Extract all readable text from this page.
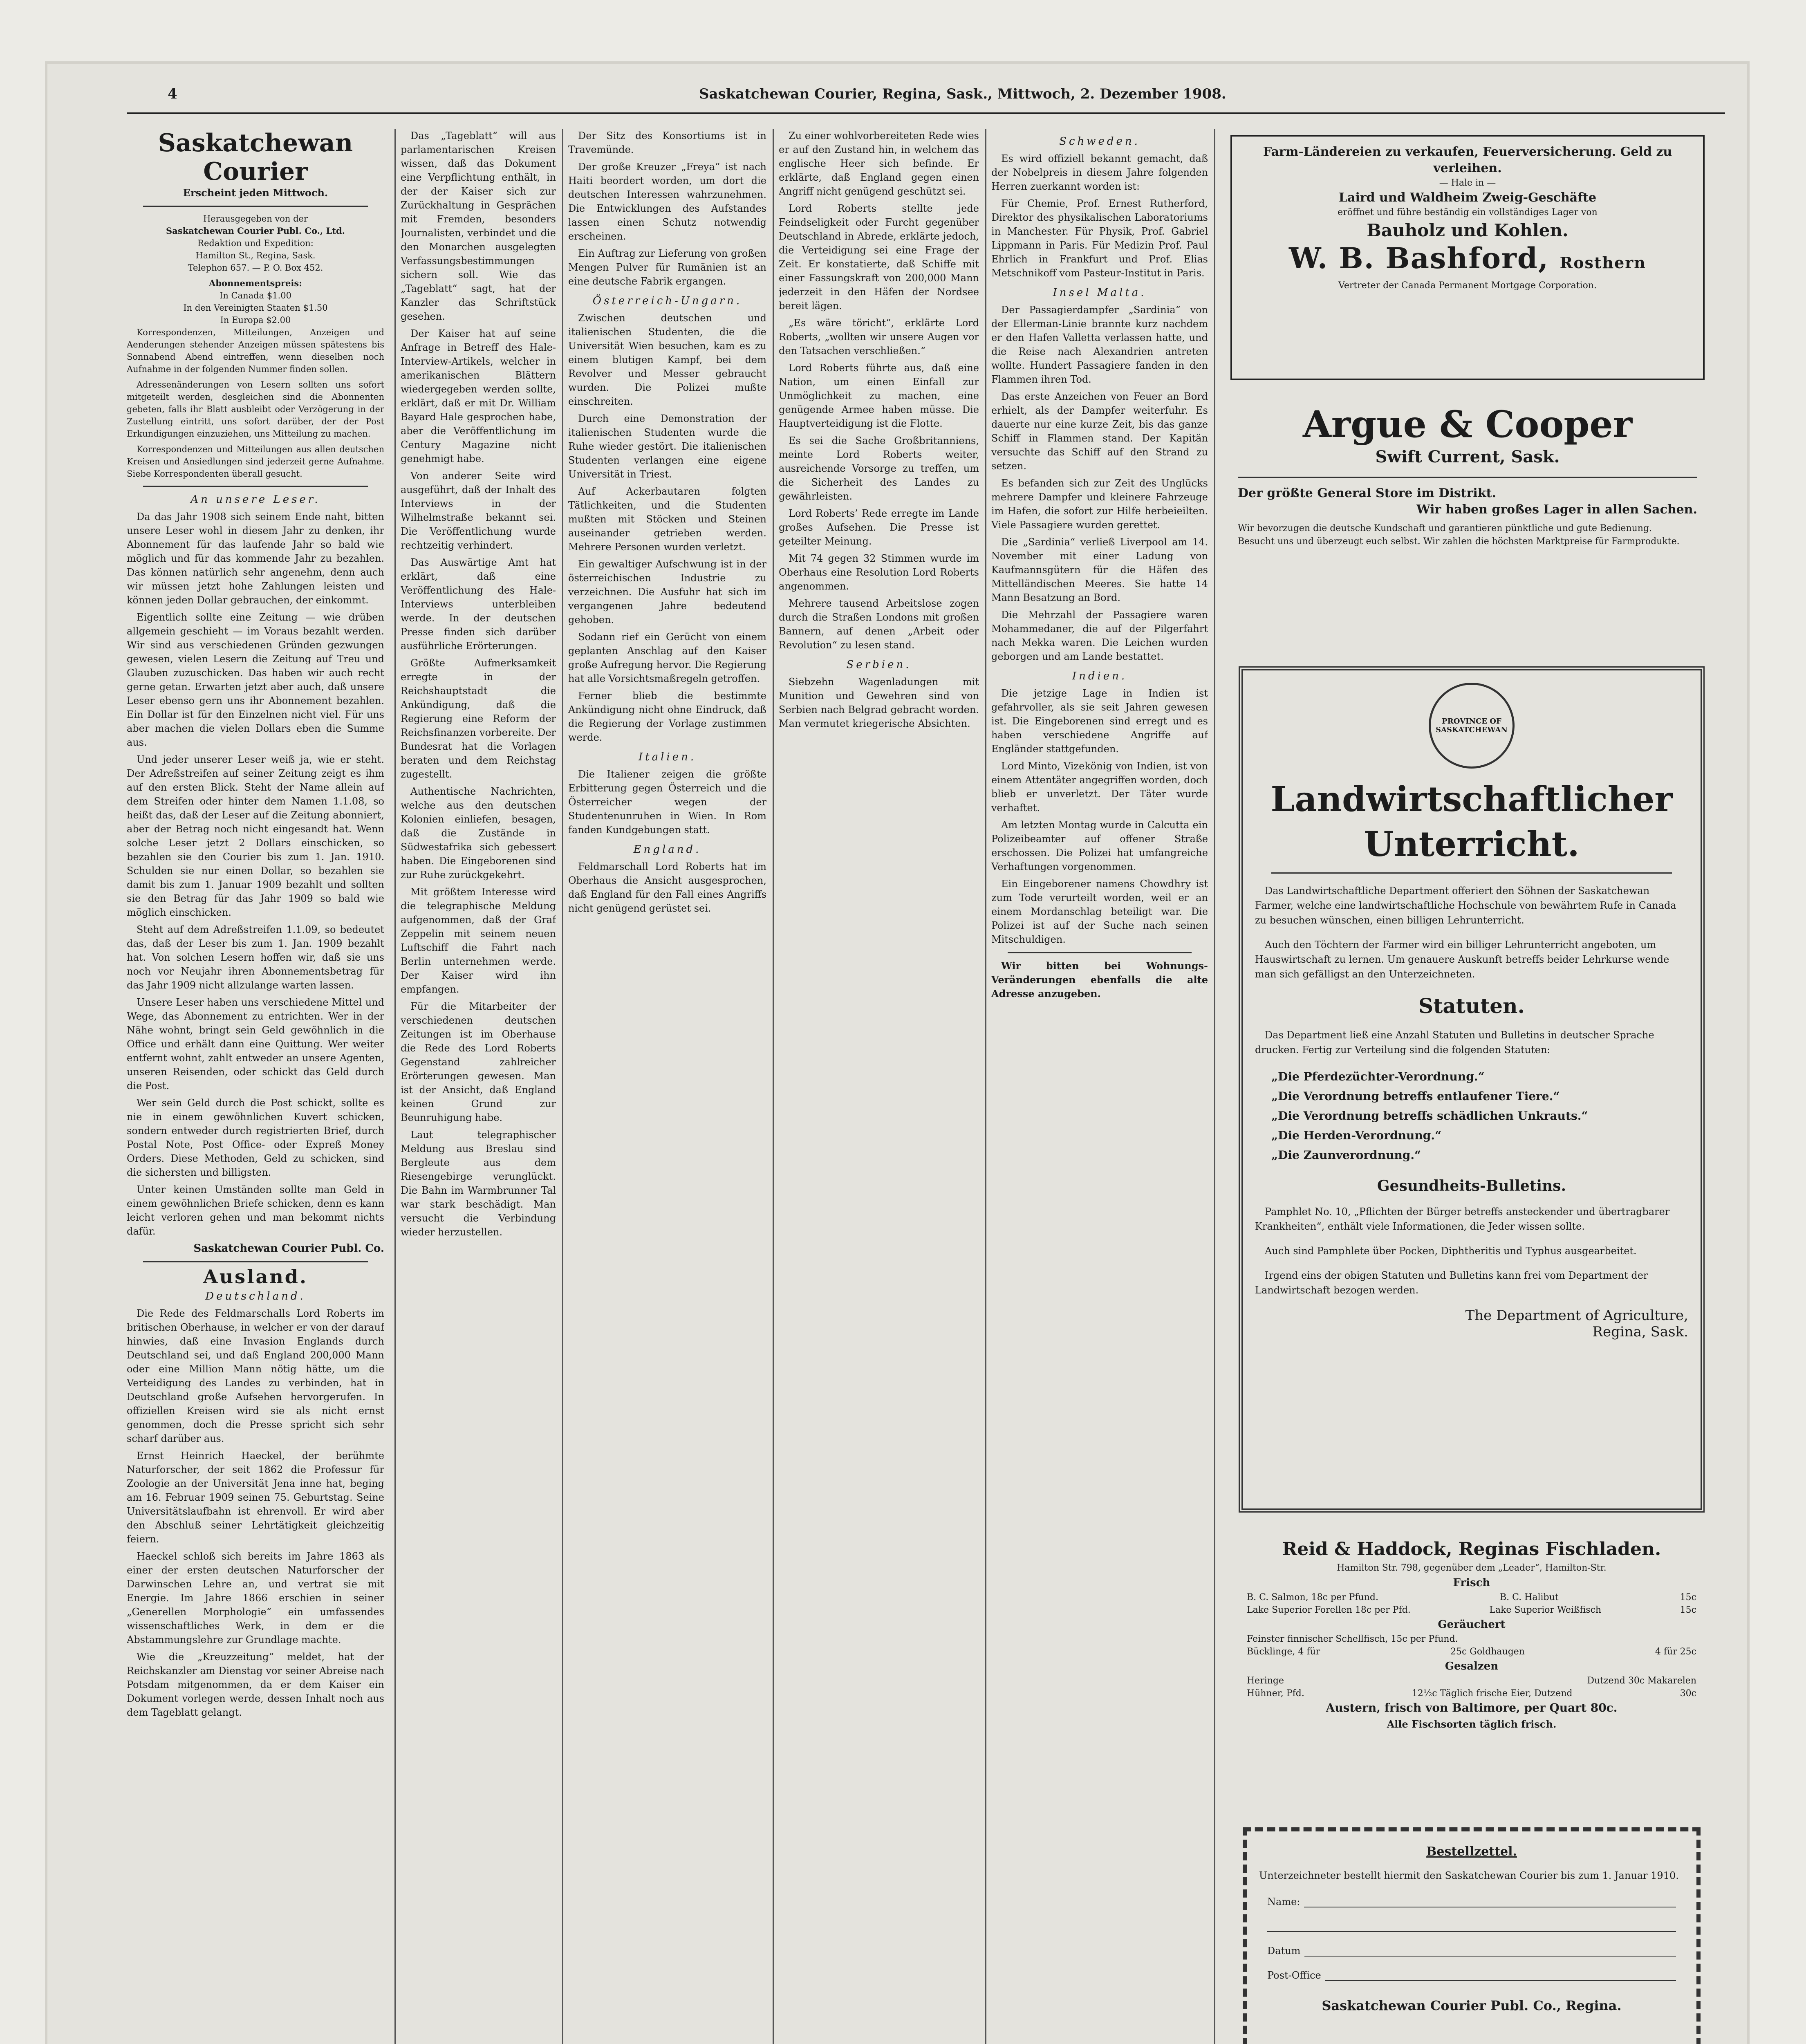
4	Saskatchewan Courier, Regina, Sask., Mittwoch, 2. Dezember 1908.
Saskatchewan Courier
Erscheint jeden Mittwoch.
Herausgegeben von der
Saskatchewan Courier Publ. Co., Ltd.
Redaktion und Expedition:
Hamilton St., Regina, Sask.
Telephon 657. — P. O. Box 452.
Abonnementspreis:
In Canada $1.00
In den Vereinigten Staaten $1.50
In Europa $2.00

Korrespondenzen, Mitteilungen, Anzeigen und Aenderungen stehender Anzeigen müssen spätestens bis Sonnabend Abend eintreffen, wenn dieselben noch Aufnahme in der folgenden Nummer finden sollen.

Adressenänderungen von Lesern sollten uns sofort mitgeteilt werden, desgleichen sind die Abonnenten gebeten, falls ihr Blatt ausbleibt oder Verzögerung in der Zustellung eintritt, uns sofort darüber, der der Post Erkundigungen einzuziehen, uns Mitteilung zu machen.

Korrespondenzen und Mitteilungen aus allen deutschen Kreisen und Ansiedlungen sind jederzeit gerne Aufnahme. Siebe Korrespondenten überall gesucht.

An unsere Leser.

Da das Jahr 1908 sich seinem Ende naht, bitten unsere Leser wohl in diesem Jahr zu denken, ihr Abonnement für das laufende Jahr so bald wie möglich und für das kommende Jahr zu bezahlen. Das können natürlich sehr angenehm, denn auch wir müssen jetzt hohe Zahlungen leisten und können jeden Dollar gebrauchen, der einkommt.

Eigentlich sollte eine Zeitung — wie drüben allgemein geschieht — im Voraus bezahlt werden. Wir sind aus verschiedenen Gründen gezwungen gewesen, vielen Lesern die Zeitung auf Treu und Glauben zuzuschicken. Das haben wir auch recht gerne getan. Erwarten jetzt aber auch, daß unsere Leser ebenso gern uns ihr Abonnement bezahlen. Ein Dollar ist für den Einzelnen nicht viel. Für uns aber machen die vielen Dollars eben die Summe aus.

Und jeder unserer Leser weiß ja, wie er steht. Der Adreßstreifen auf seiner Zeitung zeigt es ihm auf den ersten Blick. Steht der Name allein auf dem Streifen oder hinter dem Namen 1.1.08, so heißt das, daß der Leser auf die Zeitung abonniert, aber der Betrag noch nicht eingesandt hat. Wenn solche Leser jetzt 2 Dollars einschicken, so bezahlen sie den Courier bis zum 1. Jan. 1910. Schulden sie nur einen Dollar, so bezahlen sie damit bis zum 1. Januar 1909 bezahlt und sollten sie den Betrag für das Jahr 1909 so bald wie möglich einschicken.

Steht auf dem Adreßstreifen 1.1.09, so bedeutet das, daß der Leser bis zum 1. Jan. 1909 bezahlt hat. Von solchen Lesern hoffen wir, daß sie uns noch vor Neujahr ihren Abonnementsbetrag für das Jahr 1909 nicht allzulange warten lassen.

Unsere Leser haben uns verschiedene Mittel und Wege, das Abonnement zu entrichten. Wer in der Nähe wohnt, bringt sein Geld gewöhnlich in die Office und erhält dann eine Quittung. Wer weiter entfernt wohnt, zahlt entweder an unsere Agenten, unseren Reisenden, oder schickt das Geld durch die Post.

Wer sein Geld durch die Post schickt, sollte es nie in einem gewöhnlichen Kuvert schicken, sondern entweder durch registrierten Brief, durch Postal Note, Post Office- oder Expreß Money Orders. Diese Methoden, Geld zu schicken, sind die sichersten und billigsten.

Unter keinen Umständen sollte man Geld in einem gewöhnlichen Briefe schicken, denn es kann leicht verloren gehen und man bekommt nichts dafür.

Saskatchewan Courier Publ. Co.
Ausland.
Deutschland.

Die Rede des Feldmarschalls Lord Roberts im britischen Oberhause, in welcher er von der darauf hinwies, daß eine Invasion Englands durch Deutschland sei, und daß England 200,000 Mann oder eine Million Mann nötig hätte, um die Verteidigung des Landes zu verbinden, hat in Deutschland große Aufsehen hervorgerufen. In offiziellen Kreisen wird sie als nicht ernst genommen, doch die Presse spricht sich sehr scharf darüber aus.

Ernst Heinrich Haeckel, der berühmte Naturforscher, der seit 1862 die Professur für Zoologie an der Universität Jena inne hat, beging am 16. Februar 1909 seinen 75. Geburtstag. Seine Universitätslaufbahn ist ehrenvoll. Er wird aber den Abschluß seiner Lehrtätigkeit gleichzeitig feiern.

Haeckel schloß sich bereits im Jahre 1863 als einer der ersten deutschen Naturforscher der Darwinschen Lehre an, und vertrat sie mit Energie. Im Jahre 1866 erschien in seiner „Generellen Morphologie“ ein umfassendes wissenschaftliches Werk, in dem er die Abstammungslehre zur Grundlage machte.

Wie die „Kreuzzeitung“ meldet, hat der Reichskanzler am Dienstag vor seiner Abreise nach Potsdam mitgenommen, da er dem Kaiser ein Dokument vorlegen werde, dessen Inhalt noch aus dem Tageblatt gelangt.

Das „Tageblatt“ will aus parlamentarischen Kreisen wissen, daß das Dokument eine Verpflichtung enthält, in der der Kaiser sich zur Zurückhaltung in Gesprächen mit Fremden, besonders Journalisten, verbindet und die den Monarchen ausgelegten Verfassungsbestimmungen sichern soll. Wie das „Tageblatt“ sagt, hat der Kanzler das Schriftstück gesehen.

Der Kaiser hat auf seine Anfrage in Betreff des Hale-Interview-Artikels, welcher in amerikanischen Blättern wiedergegeben werden sollte, erklärt, daß er mit Dr. William Bayard Hale gesprochen habe, aber die Veröffentlichung im Century Magazine nicht genehmigt habe.

Von anderer Seite wird ausgeführt, daß der Inhalt des Interviews in der Wilhelmstraße bekannt sei. Die Veröffentlichung wurde rechtzeitig verhindert.

Das Auswärtige Amt hat erklärt, daß eine Veröffentlichung des Hale-Interviews unterbleiben werde. In der deutschen Presse finden sich darüber ausführliche Erörterungen.

Größte Aufmerksamkeit erregte in der Reichshauptstadt die Ankündigung, daß die Regierung eine Reform der Reichsfinanzen vorbereite. Der Bundesrat hat die Vorlagen beraten und dem Reichstag zugestellt.

Authentische Nachrichten, welche aus den deutschen Kolonien einliefen, besagen, daß die Zustände in Südwestafrika sich gebessert haben. Die Eingeborenen sind zur Ruhe zurückgekehrt.

Mit größtem Interesse wird die telegraphische Meldung aufgenommen, daß der Graf Zeppelin mit seinem neuen Luftschiff die Fahrt nach Berlin unternehmen werde. Der Kaiser wird ihn empfangen.

Für die Mitarbeiter der verschiedenen deutschen Zeitungen ist im Oberhause die Rede des Lord Roberts Gegenstand zahlreicher Erörterungen gewesen. Man ist der Ansicht, daß England keinen Grund zur Beunruhigung habe.

Laut telegraphischer Meldung aus Breslau sind Bergleute aus dem Riesengebirge verunglückt. Die Bahn im Warmbrunner Tal war stark beschädigt. Man versucht die Verbindung wieder herzustellen.

Der Sitz des Konsortiums ist in Travemünde.

Der große Kreuzer „Freya“ ist nach Haiti beordert worden, um dort die deutschen Interessen wahrzunehmen. Die Entwicklungen des Aufstandes lassen einen Schutz notwendig erscheinen.

Ein Auftrag zur Lieferung von großen Mengen Pulver für Rumänien ist an eine deutsche Fabrik ergangen.

Österreich-Ungarn.

Zwischen deutschen und italienischen Studenten, die die Universität Wien besuchen, kam es zu einem blutigen Kampf, bei dem Revolver und Messer gebraucht wurden. Die Polizei mußte einschreiten.

Durch eine Demonstration der italienischen Studenten wurde die Ruhe wieder gestört. Die italienischen Studenten verlangen eine eigene Universität in Triest.

Auf Ackerbautaren folgten Tätlichkeiten, und die Studenten mußten mit Stöcken und Steinen auseinander getrieben werden. Mehrere Personen wurden verletzt.

Ein gewaltiger Aufschwung ist in der österreichischen Industrie zu verzeichnen. Die Ausfuhr hat sich im vergangenen Jahre bedeutend gehoben.

Sodann rief ein Gerücht von einem geplanten Anschlag auf den Kaiser große Aufregung hervor. Die Regierung hat alle Vorsichtsmaßregeln getroffen.

Ferner blieb die bestimmte Ankündigung nicht ohne Eindruck, daß die Regierung der Vorlage zustimmen werde.

Italien.

Die Italiener zeigen die größte Erbitterung gegen Österreich und die Österreicher wegen der Studentenunruhen in Wien. In Rom fanden Kundgebungen statt.

England.

Feldmarschall Lord Roberts hat im Oberhaus die Ansicht ausgesprochen, daß England für den Fall eines Angriffs nicht genügend gerüstet sei.

Zu einer wohlvorbereiteten Rede wies er auf den Zustand hin, in welchem das englische Heer sich befinde. Er erklärte, daß England gegen einen Angriff nicht genügend geschützt sei.

Lord Roberts stellte jede Feindseligkeit oder Furcht gegenüber Deutschland in Abrede, erklärte jedoch, die Verteidigung sei eine Frage der Zeit. Er konstatierte, daß Schiffe mit einer Fassungskraft von 200,000 Mann jederzeit in den Häfen der Nordsee bereit lägen.

„Es wäre töricht“, erklärte Lord Roberts, „wollten wir unsere Augen vor den Tatsachen verschließen.“

Lord Roberts führte aus, daß eine Nation, um einen Einfall zur Unmöglichkeit zu machen, eine genügende Armee haben müsse. Die Hauptverteidigung ist die Flotte.

Es sei die Sache Großbritanniens, meinte Lord Roberts weiter, ausreichende Vorsorge zu treffen, um die Sicherheit des Landes zu gewährleisten.

Lord Roberts’ Rede erregte im Lande großes Aufsehen. Die Presse ist geteilter Meinung.

Mit 74 gegen 32 Stimmen wurde im Oberhaus eine Resolution Lord Roberts angenommen.

Mehrere tausend Arbeitslose zogen durch die Straßen Londons mit großen Bannern, auf denen „Arbeit oder Revolution“ zu lesen stand.

Serbien.

Siebzehn Wagenladungen mit Munition und Gewehren sind von Serbien nach Belgrad gebracht worden. Man vermutet kriegerische Absichten.

Schweden.

Es wird offiziell bekannt gemacht, daß der Nobelpreis in diesem Jahre folgenden Herren zuerkannt worden ist:

Für Chemie, Prof. Ernest Rutherford, Direktor des physikalischen Laboratoriums in Manchester. Für Physik, Prof. Gabriel Lippmann in Paris. Für Medizin Prof. Paul Ehrlich in Frankfurt und Prof. Elias Metschnikoff vom Pasteur-Institut in Paris.

Insel Malta.

Der Passagierdampfer „Sardinia“ von der Ellerman-Linie brannte kurz nachdem er den Hafen Valletta verlassen hatte, und die Reise nach Alexandrien antreten wollte. Hundert Passagiere fanden in den Flammen ihren Tod.

Das erste Anzeichen von Feuer an Bord erhielt, als der Dampfer weiterfuhr. Es dauerte nur eine kurze Zeit, bis das ganze Schiff in Flammen stand. Der Kapitän versuchte das Schiff auf den Strand zu setzen.

Es befanden sich zur Zeit des Unglücks mehrere Dampfer und kleinere Fahrzeuge im Hafen, die sofort zur Hilfe herbeieilten. Viele Passagiere wurden gerettet.

Die „Sardinia“ verließ Liverpool am 14. November mit einer Ladung von Kaufmannsgütern für die Häfen des Mittelländischen Meeres. Sie hatte 14 Mann Besatzung an Bord.

Die Mehrzahl der Passagiere waren Mohammedaner, die auf der Pilgerfahrt nach Mekka waren. Die Leichen wurden geborgen und am Lande bestattet.

Indien.

Die jetzige Lage in Indien ist gefahrvoller, als sie seit Jahren gewesen ist. Die Eingeborenen sind erregt und es haben verschiedene Angriffe auf Engländer stattgefunden.

Lord Minto, Vizekönig von Indien, ist von einem Attentäter angegriffen worden, doch blieb er unverletzt. Der Täter wurde verhaftet.

Am letzten Montag wurde in Calcutta ein Polizeibeamter auf offener Straße erschossen. Die Polizei hat umfangreiche Verhaftungen vorgenommen.

Ein Eingeborener namens Chowdhry ist zum Tode verurteilt worden, weil er an einem Mordanschlag beteiligt war. Die Polizei ist auf der Suche nach seinen Mitschuldigen.

Wir bitten bei Wohnungs-Veränderungen ebenfalls die alte Adresse anzugeben.

Farm-Ländereien zu verkaufen, Feuerversicherung. Geld zu verleihen.
— Hale in —
Laird und Waldheim Zweig-Geschäfte
eröffnet und führe beständig ein vollständiges Lager von
Bauholz und Kohlen.
W. B. Bashford, Rosthern
Vertreter der Canada Permanent Mortgage Corporation.
Argue & Cooper
Swift Current, Sask.
Der größte General Store im Distrikt.
Wir haben großes Lager in allen Sachen.
Wir bevorzugen die deutsche Kundschaft und garantieren pünktliche und gute Bedienung.
Besucht uns und überzeugt euch selbst. Wir zahlen die höchsten Marktpreise für Farmprodukte.
PROVINCE OF SASKATCHEWAN
Landwirtschaftlicher
Unterricht.

Das Landwirtschaftliche Department offeriert den Söhnen der Saskatchewan Farmer, welche eine landwirtschaftliche Hochschule von bewährtem Rufe in Canada zu besuchen wünschen, einen billigen Lehrunterricht.

Auch den Töchtern der Farmer wird ein billiger Lehrunterricht angeboten, um Hauswirtschaft zu lernen. Um genauere Auskunft betreffs beider Lehrkurse wende man sich gefälligst an den Unterzeichneten.

Statuten.

Das Department ließ eine Anzahl Statuten und Bulletins in deutscher Sprache drucken. Fertig zur Verteilung sind die folgenden Statuten:

„Die Pferdezüchter-Verordnung.“
„Die Verordnung betreffs entlaufener Tiere.“
„Die Verordnung betreffs schädlichen Unkrauts.“
„Die Herden-Verordnung.“
„Die Zaunverordnung.“
Gesundheits-Bulletins.

Pamphlet No. 10, „Pflichten der Bürger betreffs ansteckender und übertragbarer Krankheiten“, enthält viele Informationen, die Jeder wissen sollte.

Auch sind Pamphlete über Pocken, Diphtheritis und Typhus ausgearbeitet.

Irgend eins der obigen Statuten und Bulletins kann frei vom Department der Landwirtschaft bezogen werden.

The Department of Agriculture,
Regina, Sask.
Reid & Haddock, Reginas Fischladen.
Hamilton Str. 798, gegenüber dem „Leader“, Hamilton-Str.
Frisch
B. C. Salmon, 18c per Pfund.	B. C. Halibut	15c
Lake Superior Forellen 18c per Pfd.	Lake Superior Weißfisch	15c
Geräuchert
Feinster finnischer Schellfisch, 15c per Pfund.
Bücklinge, 4 für	25c Goldhaugen	4 für 25c
Gesalzen
Heringe	Dutzend 30c Makarelen
Hühner, Pfd.	12½c Täglich frische Eier, Dutzend	30c
Austern, frisch von Baltimore, per Quart 80c.
Alle Fischsorten täglich frisch.
Bestellzettel.

Unterzeichneter bestellt hiermit den Saskatchewan Courier bis zum 1. Januar 1910.

Name:
Datum
Post-Office
Saskatchewan Courier Publ. Co., Regina.
